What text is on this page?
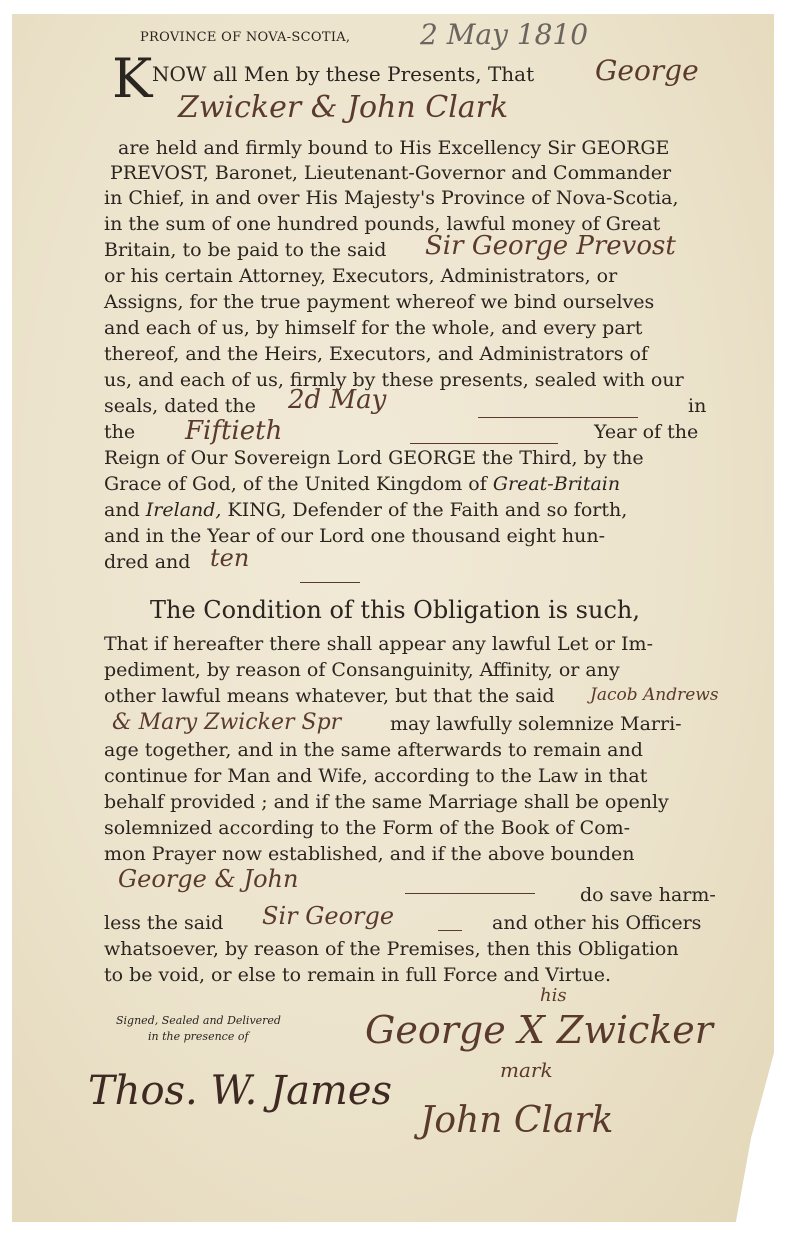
PROVINCE OF NOVA-SCOTIA, 2 May 1810
K NOW all Men by these Presents, That	George
Zwicker & John Clark
are held and firmly bound to His Excellency Sir GEORGE
PREVOST, Baronet, Lieutenant-Governor and Commander
in Chief, in and over His Majesty's Province of Nova-Scotia,
in the sum of one hundred pounds, lawful money of Great
Britain, to be paid to the said	Sir George Prevost
or his certain Attorney, Executors, Administrators, or
Assigns, for the true payment whereof we bind ourselves
and each of us, by himself for the whole, and every part
thereof, and the Heirs, Executors, and Administrators of
us, and each of us, firmly by these presents, sealed with our
seals, dated the	2d May	in
the	Fiftieth	Year of the
Reign of Our Sovereign Lord GEORGE the Third, by the
Grace of God, of the United Kingdom of Great-Britain
and Ireland, KING, Defender of the Faith and so forth,
and in the Year of our Lord one thousand eight hun-
dred and ten
The Condition of this Obligation is such,
That if hereafter there shall appear any lawful Let or Im-
pediment, by reason of Consanguinity, Affinity, or any
other lawful means whatever, but that the said	Jacob Andrews
& Mary Zwicker Spr	may lawfully solemnize Marri-
age together, and in the same afterwards to remain and
continue for Man and Wife, according to the Law in that
behalf provided ; and if the same Marriage shall be openly
solemnized according to the Form of the Book of Com-
mon Prayer now established, and if the above bounden
George & John
do save harm-
less the said Sir George	and other his Officers
whatsoever, by reason of the Premises, then this Obligation
to be void, or else to remain in full Force and Virtue.
Signed, Sealed and Delivered
in the presence of
Thos. W. James
his
George X Zwicker
mark
John Clark
